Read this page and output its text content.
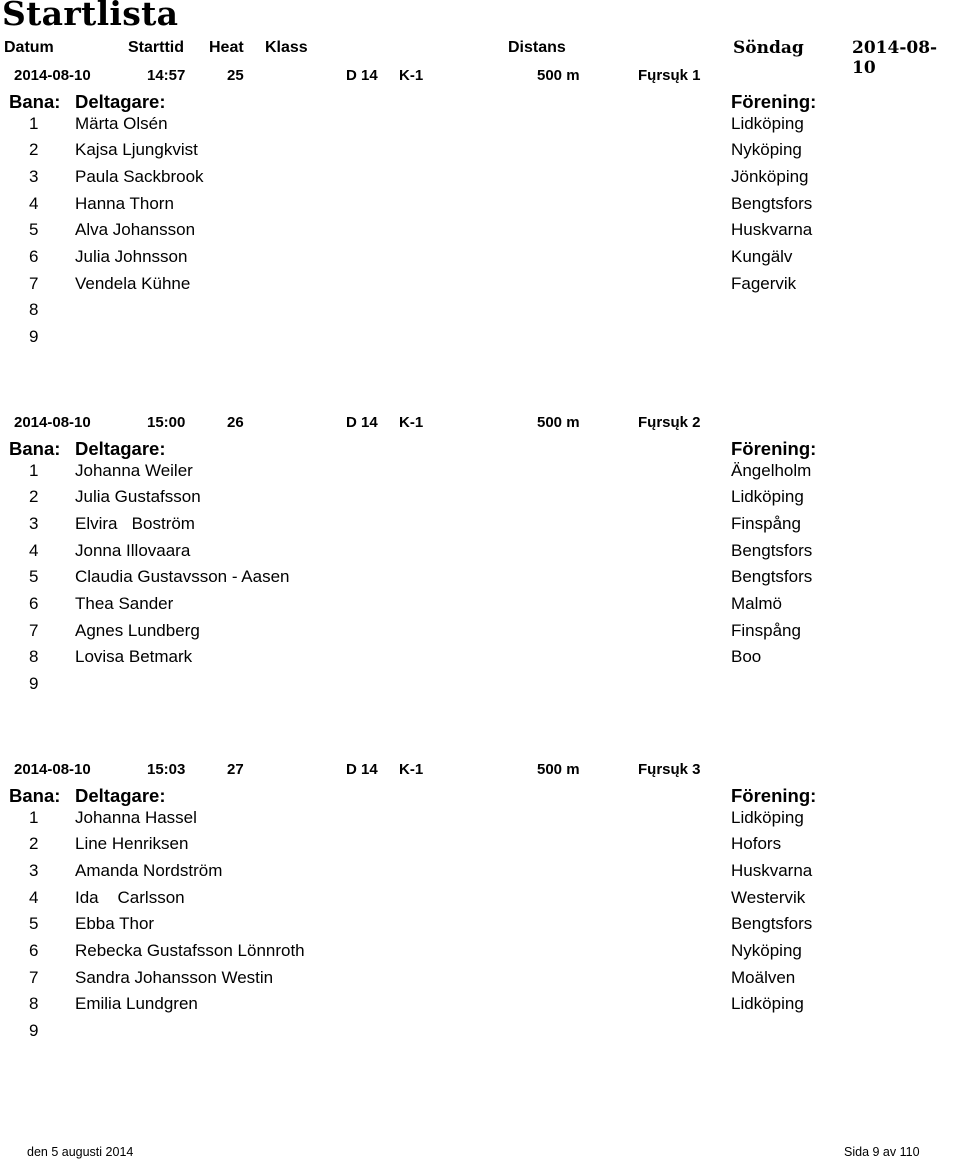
Startlista
Datum	Starttid Heat Klass	Distans	Söndag	2014-08-10
2014-08-10	14:57	25	D 14 K-1	500 m	Fųrsųk 1
Bana: Deltagare:	Förening:
1 Märta Olsén	Lidköping
2 Kajsa Ljungkvist	Nyköping
3 Paula Sackbrook	Jönköping
4 Hanna Thorn	Bengtsfors
5 Alva Johansson	Huskvarna
6 Julia Johnsson	Kungälv
7 Vendela Kühne	Fagervik
8
9
2014-08-10	15:00	26	D 14 K-1	500 m	Fųrsųk 2
Bana: Deltagare:	Förening:
1 Johanna Weiler	Ängelholm
2 Julia Gustafsson	Lidköping
3 Elvira   Boström	Finspång
4 Jonna Illovaara	Bengtsfors
5 Claudia Gustavsson - Aasen	Bengtsfors
6 Thea Sander	Malmö
7 Agnes Lundberg	Finspång
8 Lovisa Betmark	Boo
9
2014-08-10	15:03	27	D 14 K-1	500 m	Fųrsųk 3
Bana: Deltagare:	Förening:
1 Johanna Hassel	Lidköping
2 Line Henriksen	Hofors
3 Amanda Nordström	Huskvarna
4 Ida    Carlsson	Westervik
5 Ebba Thor	Bengtsfors
6 Rebecka Gustafsson Lönnroth	Nyköping
7 Sandra Johansson Westin	Moälven
8 Emilia Lundgren	Lidköping
9
den 5 augusti 2014	Sida 9 av 110
